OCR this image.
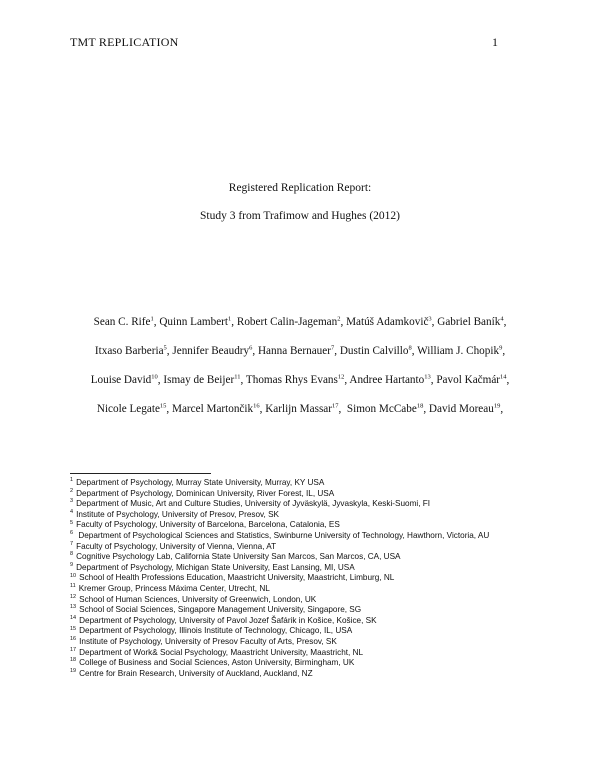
TMT REPLICATION	1
Registered Replication Report:
Study 3 from Trafimow and Hughes (2012)
Sean C. Rife$^1$, Quinn Lambert$^1$, Robert Calin-Jageman$^2$, Matúš Adamkovič$^3$, Gabriel Baník$^4$,
Itxaso Barberia$^5$, Jennifer Beaudry$^6$, Hanna Bernauer$^7$, Dustin Calvillo$^8$, William J. Chopik$^9$,
Louise David$^{10}$, Ismay de Beijer$^{11}$, Thomas Rhys Evans$^{12}$, Andree Hartanto$^{13}$, Pavol Kačmár$^{14}$,
Nicole Legate$^{15}$, Marcel Martončik$^{16}$, Karlijn Massar$^{17}$,  Simon McCabe$^{18}$, David Moreau$^{19}$,
$^1$ Department of Psychology, Murray State University, Murray, KY USA
$^2$ Department of Psychology, Dominican University, River Forest, IL, USA
$^3$ Department of Music, Art and Culture Studies, University of Jyväskylä, Jyvaskyla, Keski-Suomi, FI
$^4$ Institute of Psychology, University of Presov, Presov, SK
$^5$ Faculty of Psychology, University of Barcelona, Barcelona, Catalonia, ES
$^6$ Department of Psychological Sciences and Statistics, Swinburne University of Technology, Hawthorn, Victoria, AU
$^7$ Faculty of Psychology, University of Vienna, Vienna, AT
$^8$ Cognitive Psychology Lab, California State University San Marcos, San Marcos, CA, USA
$^9$ Department of Psychology, Michigan State University, East Lansing, MI, USA
$^{10}$ School of Health Professions Education, Maastricht University, Maastricht, Limburg, NL
$^{11}$ Kremer Group, Princess Máxima Center, Utrecht, NL
$^{12}$ School of Human Sciences, University of Greenwich, London, UK
$^{13}$ School of Social Sciences, Singapore Management University, Singapore, SG
$^{14}$ Department of Psychology, University of Pavol Jozef Šafárik in Košice, Košice, SK
$^{15}$ Department of Psychology, Illinois Institute of Technology, Chicago, IL, USA
$^{16}$ Institute of Psychology, University of Presov Faculty of Arts, Presov, SK
$^{17}$ Department of Work& Social Psychology, Maastricht University, Maastricht, NL
$^{18}$ College of Business and Social Sciences, Aston University, Birmingham, UK
$^{19}$ Centre for Brain Research, University of Auckland, Auckland, NZ
